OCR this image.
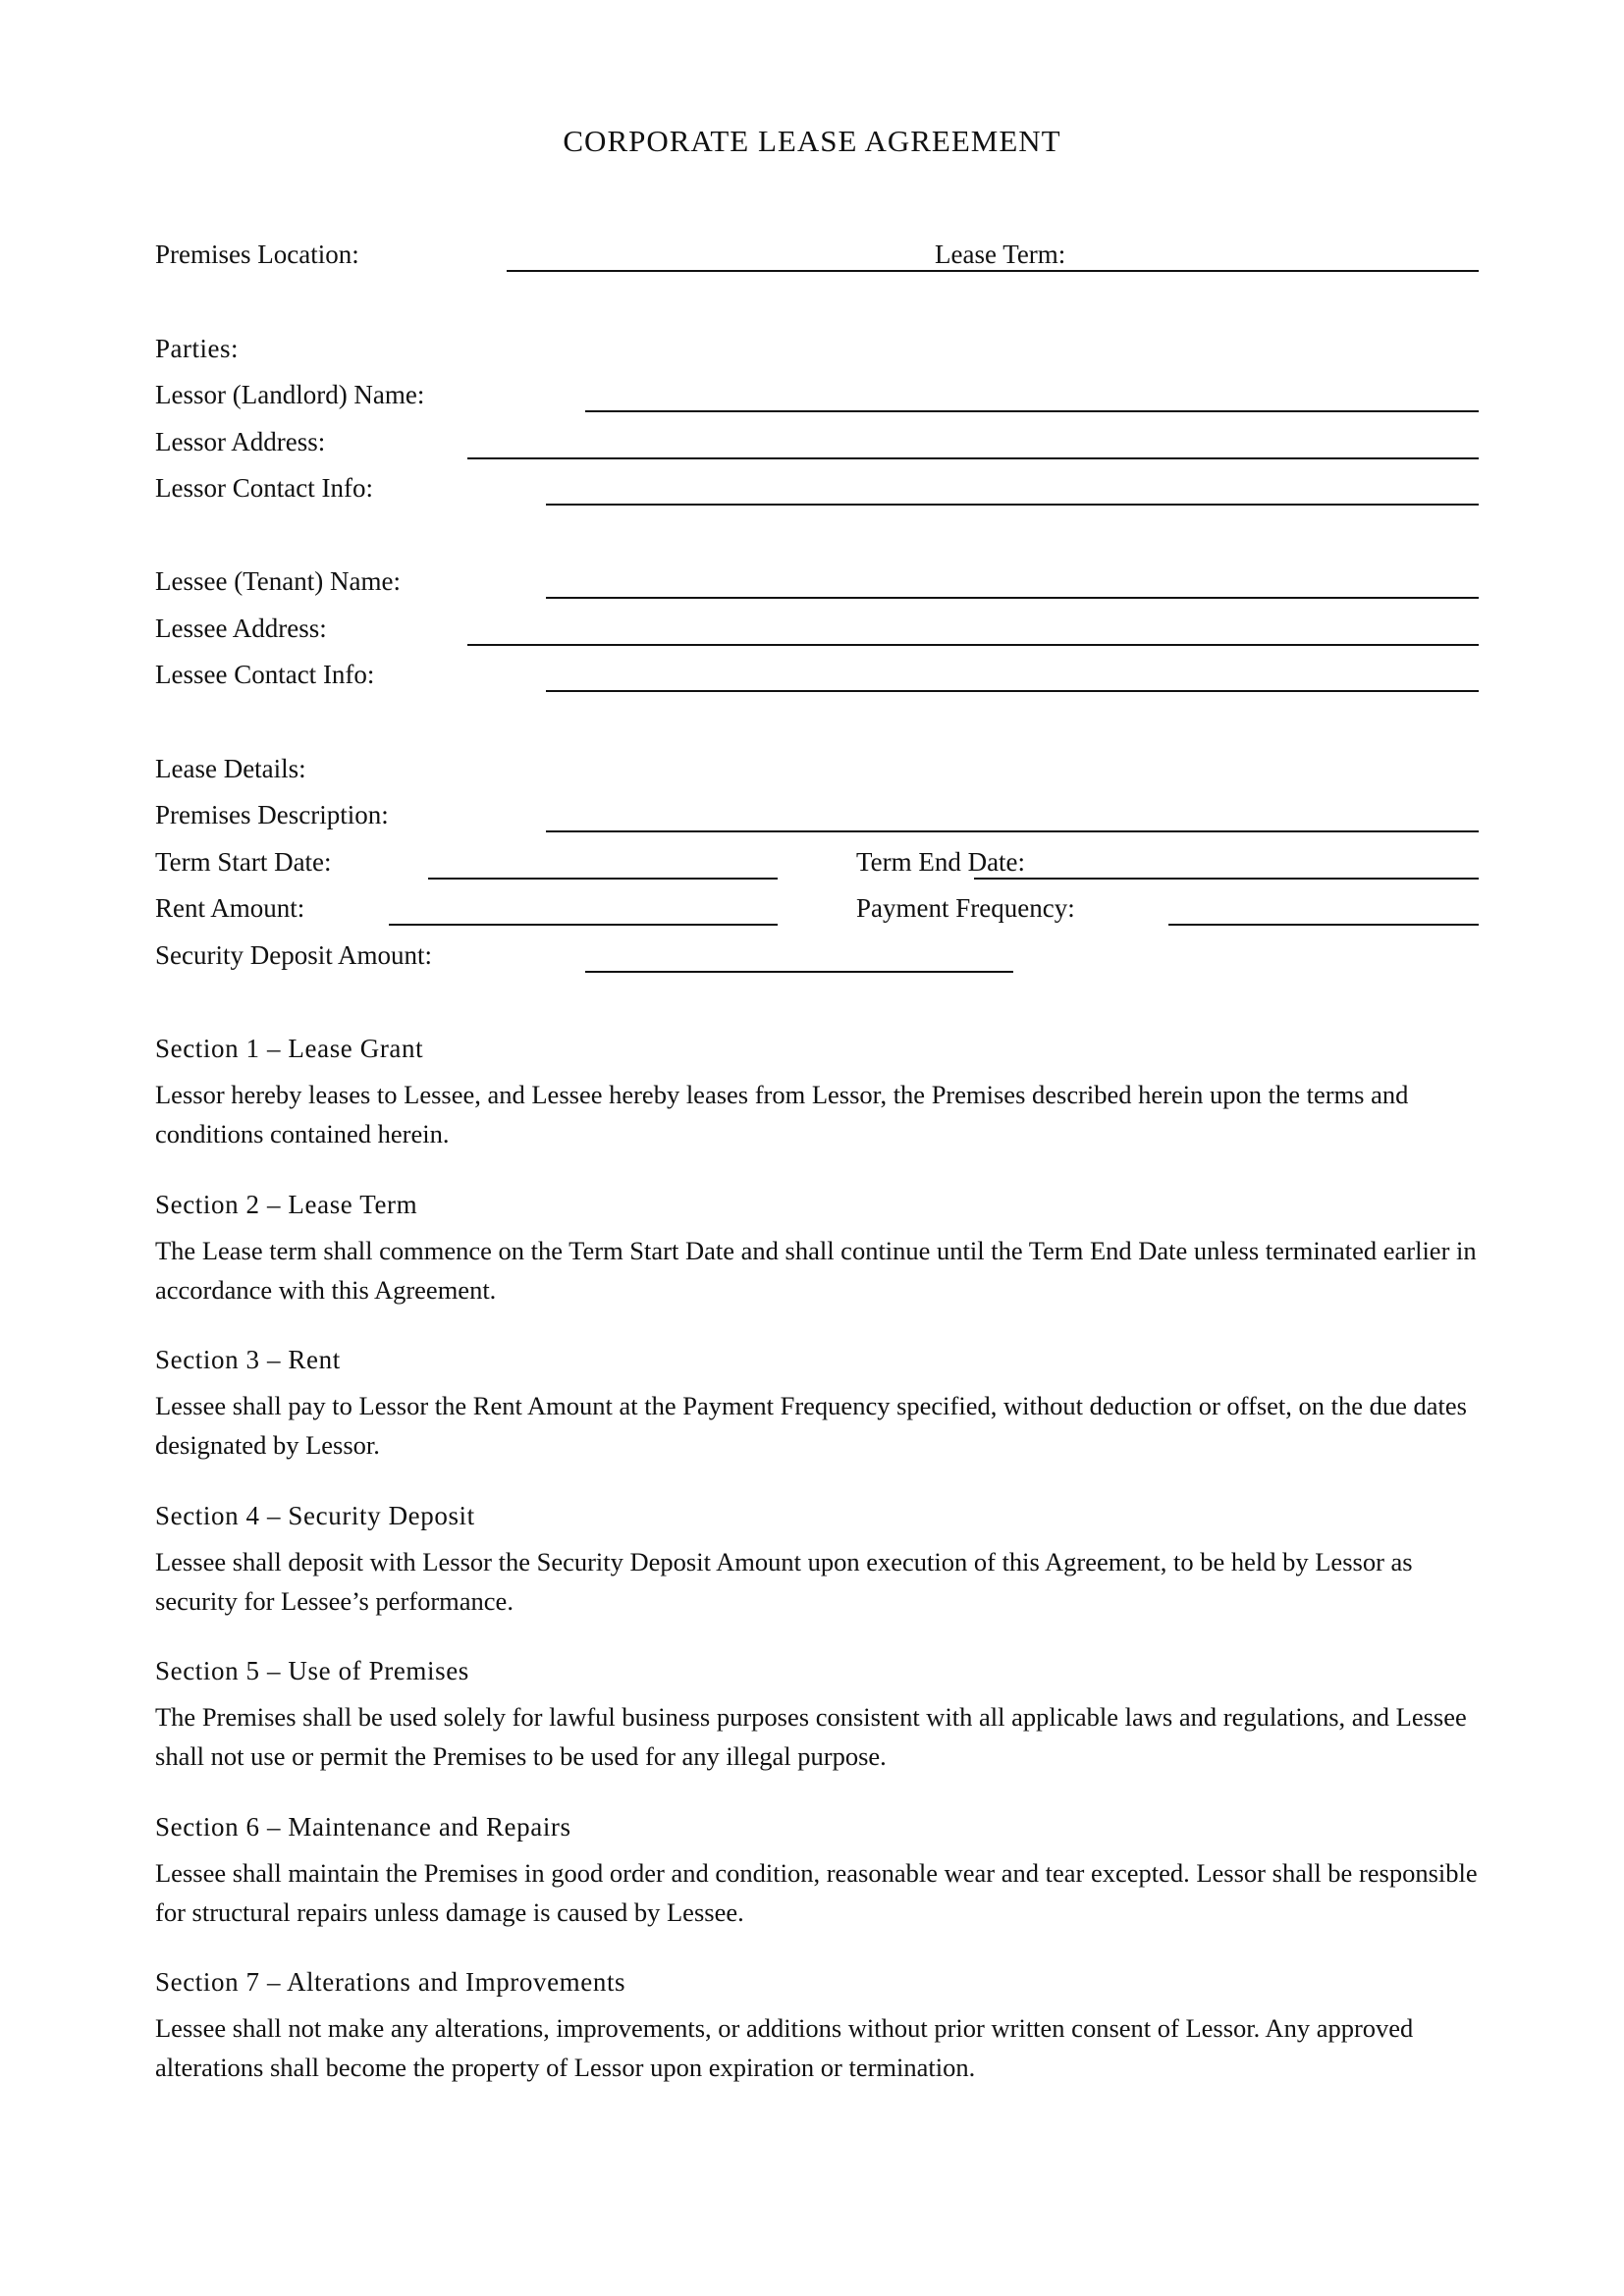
CORPORATE LEASE AGREEMENT
Premises Location:	Lease Term:
Parties:
Lessor (Landlord) Name:
Lessor Address:
Lessor Contact Info:
Lessee (Tenant) Name:
Lessee Address:
Lessee Contact Info:
Lease Details:
Premises Description:
Term Start Date:	Term End Date:
Rent Amount:	Payment Frequency:
Security Deposit Amount:
Section 1 – Lease Grant
Lessor hereby leases to Lessee, and Lessee hereby leases from Lessor, the Premises described herein upon the terms and conditions contained herein.
Section 2 – Lease Term
The Lease term shall commence on the Term Start Date and shall continue until the Term End Date unless terminated earlier in accordance with this Agreement.
Section 3 – Rent
Lessee shall pay to Lessor the Rent Amount at the Payment Frequency specified, without deduction or offset, on the due dates designated by Lessor.
Section 4 – Security Deposit
Lessee shall deposit with Lessor the Security Deposit Amount upon execution of this Agreement, to be held by Lessor as security for Lessee’s performance.
Section 5 – Use of Premises
The Premises shall be used solely for lawful business purposes consistent with all applicable laws and regulations, and Lessee shall not use or permit the Premises to be used for any illegal purpose.
Section 6 – Maintenance and Repairs
Lessee shall maintain the Premises in good order and condition, reasonable wear and tear excepted. Lessor shall be responsible for structural repairs unless damage is caused by Lessee.
Section 7 – Alterations and Improvements
Lessee shall not make any alterations, improvements, or additions without prior written consent of Lessor. Any approved alterations shall become the property of Lessor upon expiration or termination.
